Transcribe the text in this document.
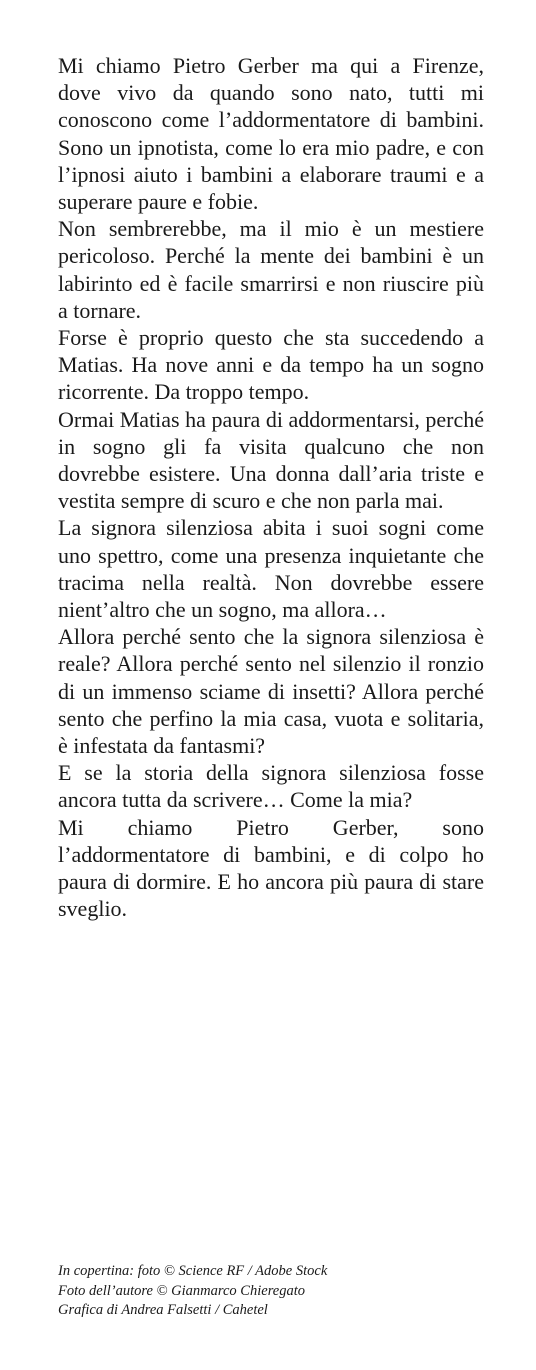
Mi chiamo Pietro Gerber ma qui a Firenze, dove vivo da quando sono nato, tutti mi conoscono come l’addormentatore di bambini. Sono un ipnotista, come lo era mio padre, e con l’ipnosi aiuto i bambini a elaborare traumi e a superare paure e fobie.

Non sembrerebbe, ma il mio è un mestiere pericoloso. Perché la mente dei bambini è un labirinto ed è facile smarrirsi e non riuscire più a tornare.

Forse è proprio questo che sta succedendo a Matias. Ha nove anni e da tempo ha un sogno ricorrente. Da troppo tempo.

Ormai Matias ha paura di addormentarsi, perché in sogno gli fa visita qualcuno che non dovrebbe esistere. Una donna dall’aria triste e vestita sempre di scuro e che non parla mai.

La signora silenziosa abita i suoi sogni come uno spettro, come una presenza inquietante che tracima nella realtà. Non dovrebbe essere nient’altro che un sogno, ma allora…

Allora perché sento che la signora silenziosa è reale? Allora perché sento nel silenzio il ronzio di un immenso sciame di insetti? Allora perché sento che perfino la mia casa, vuota e solitaria, è infestata da fantasmi?

E se la storia della signora silenziosa fosse ancora tutta da scrivere… Come la mia?

Mi chiamo Pietro Gerber, sono l’addormentatore di bambini, e di colpo ho paura di dormire. E ho ancora più paura di stare sveglio.

In copertina: foto © Science RF / Adobe Stock
Foto dell’autore © Gianmarco Chieregato
Grafica di Andrea Falsetti / Cahetel
